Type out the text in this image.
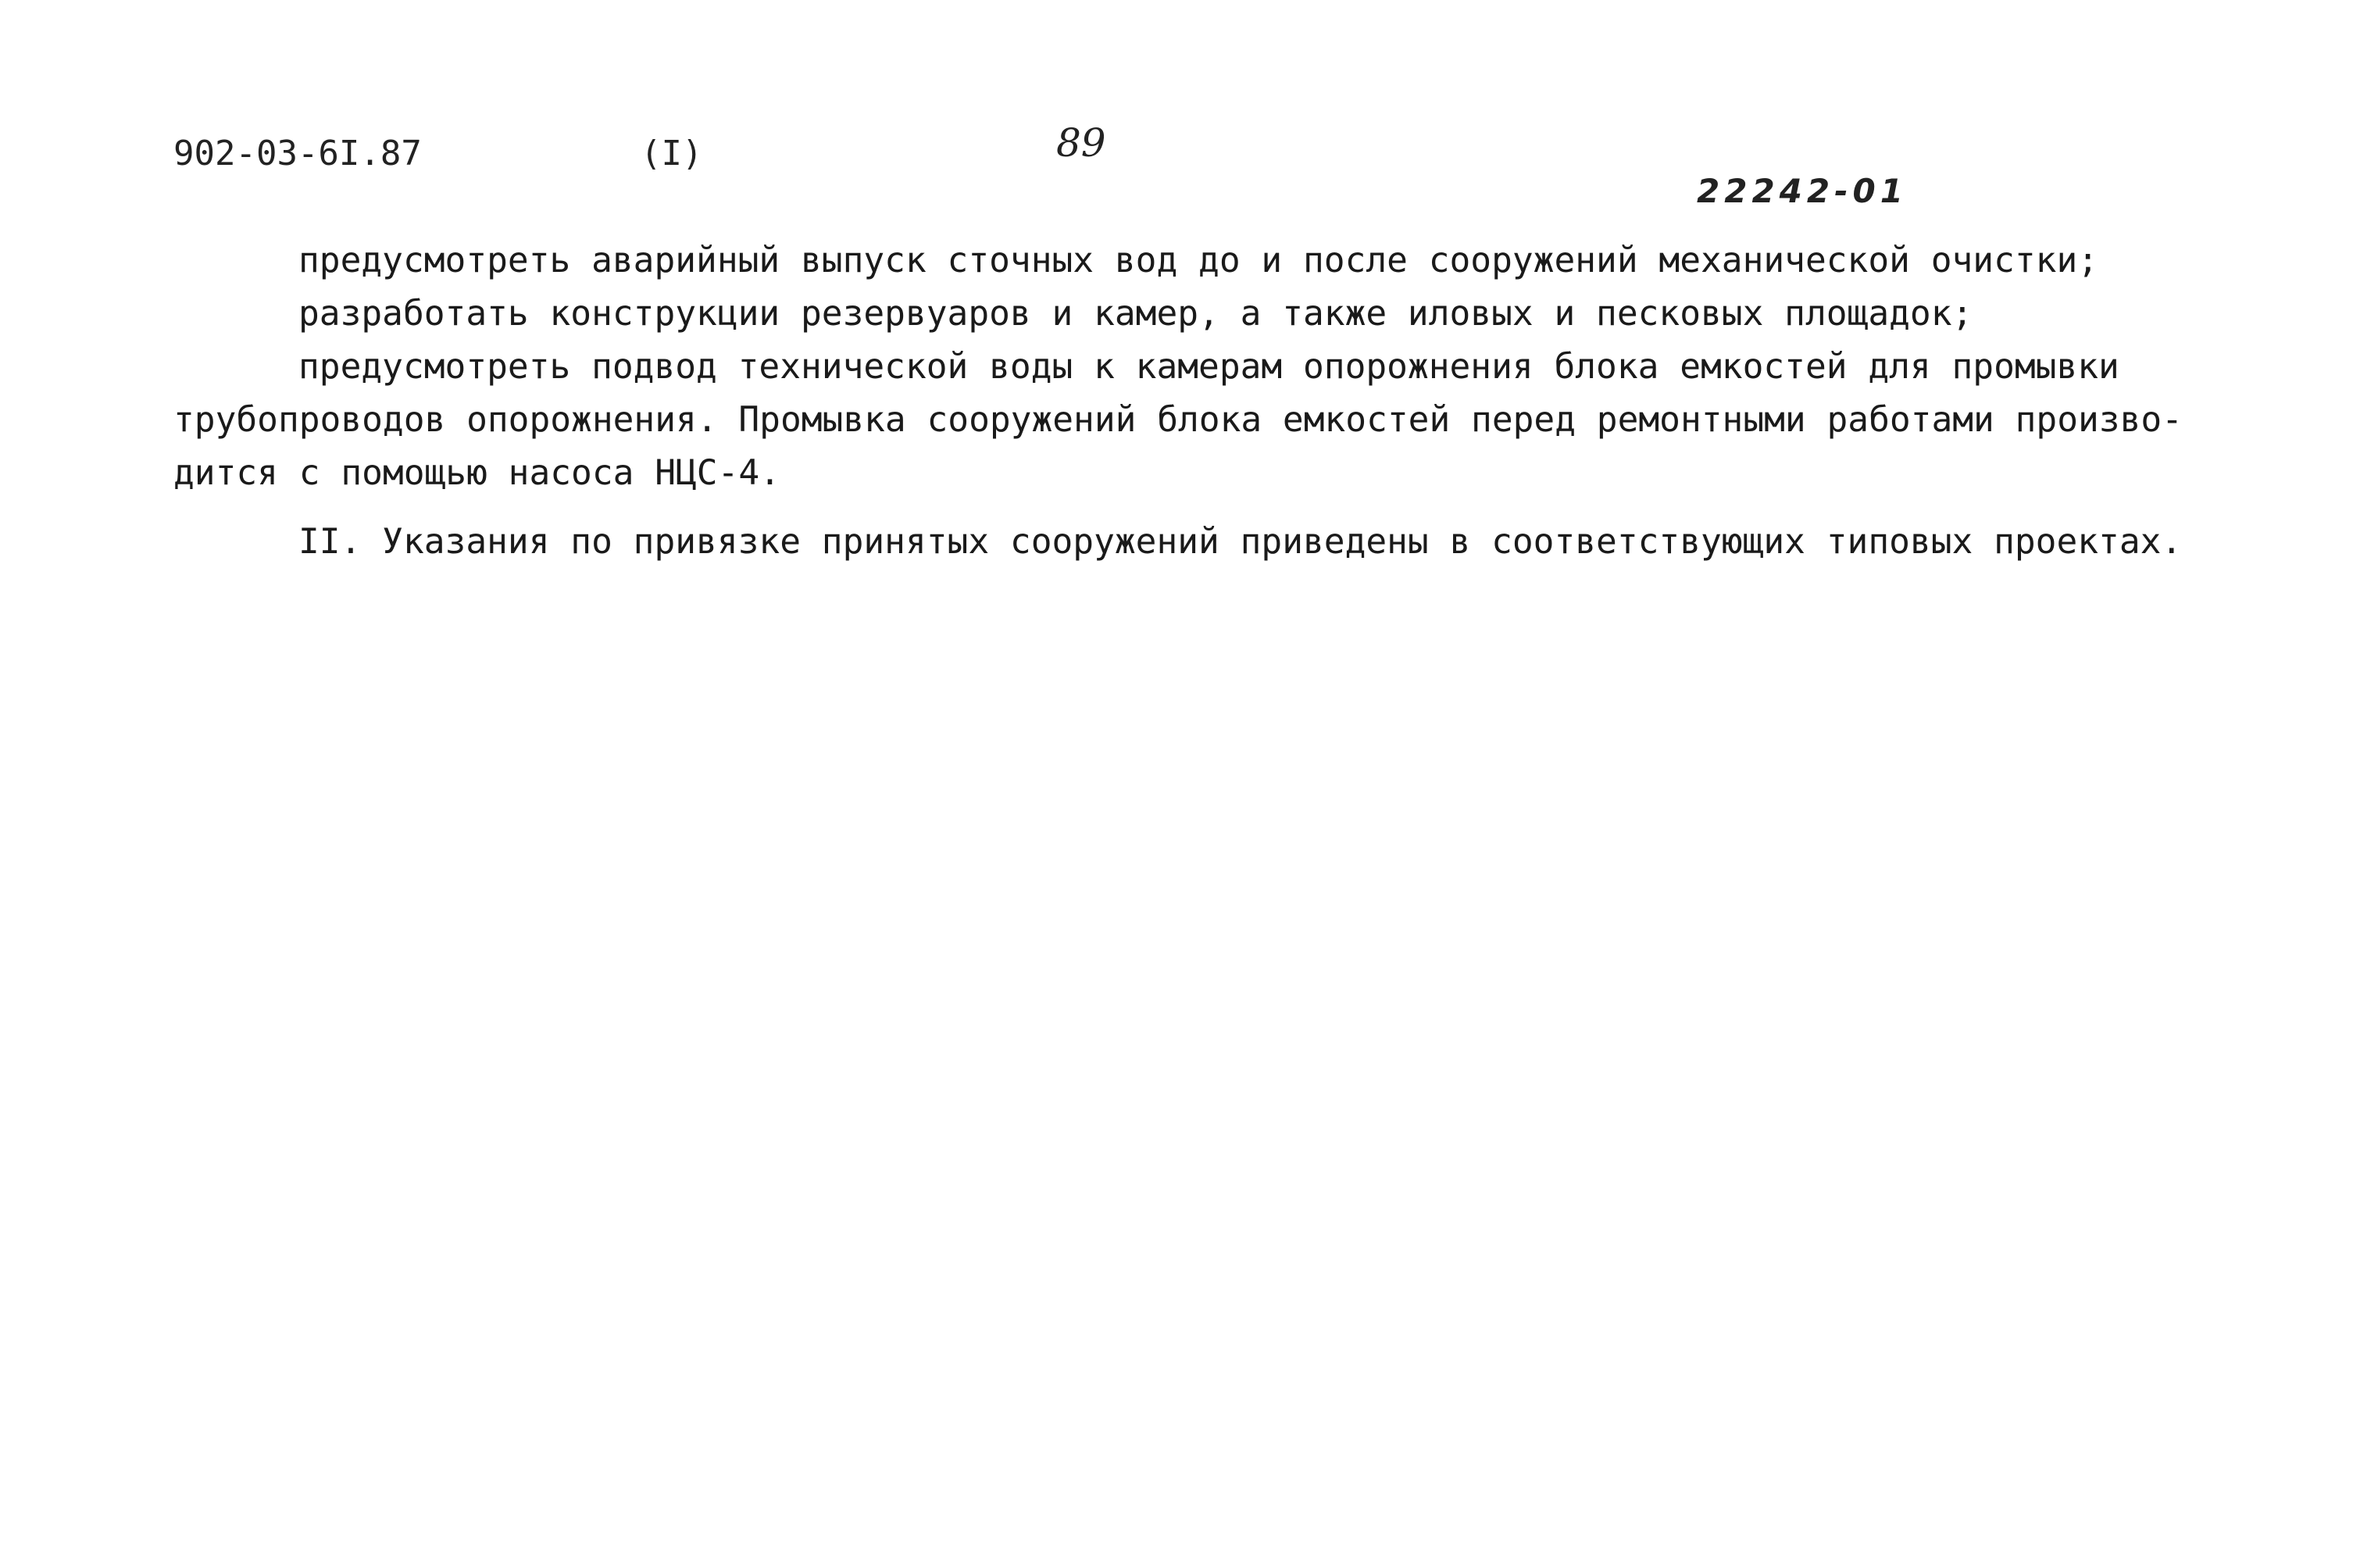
902-03-6I.87	(I)	89
22242-01
предусмотреть аварийный выпуск сточных вод до и после сооружений механической очистки;
разработать конструкции резервуаров и камер, а также иловых и песковых площадок;
предусмотреть подвод технической воды к камерам опорожнения блока емкостей для промывки
трубопроводов опорожнения. Промывка сооружений блока емкостей перед ремонтными работами произво-
дится с помощью насоса НЦС-4.
II. Указания по привязке принятых сооружений приведены в соответствующих типовых проектах.
